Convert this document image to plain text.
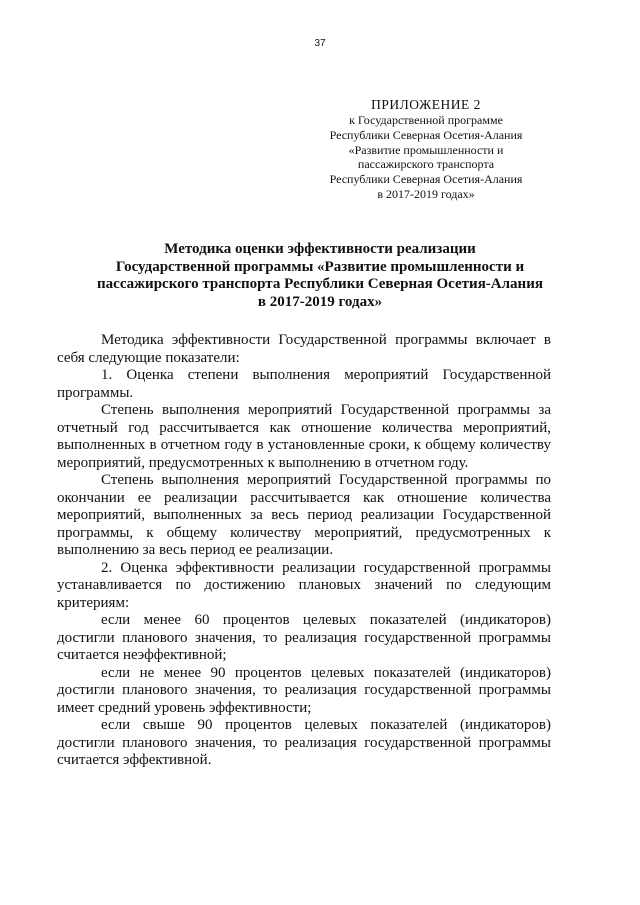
37
ПРИЛОЖЕНИЕ 2
к Государственной программе
Республики Северная Осетия-Алания
«Развитие промышленности и
пассажирского транспорта
Республики Северная Осетия-Алания
в 2017-2019 годах»
Методика оценки эффективности реализации
Государственной программы «Развитие промышленности и
пассажирского транспорта Республики Северная Осетия-Алания
в 2017-2019 годах»

Методика эффективности Государственной программы включает в себя следующие показатели:

1. Оценка степени выполнения мероприятий Государственной программы.

Степень выполнения мероприятий Государственной программы за отчетный год рассчитывается как отношение количества мероприятий, выполненных в отчетном году в установленные сроки, к общему количеству мероприятий, предусмотренных к выполнению в отчетном году.

Степень выполнения мероприятий Государственной программы по окончании ее реализации рассчитывается как отношение количества мероприятий, выполненных за весь период реализации Государственной программы, к общему количеству мероприятий, предусмотренных к выполнению за весь период ее реализации.

2. Оценка эффективности реализации государственной программы устанавливается по достижению плановых значений по следующим критериям:

если менее 60 процентов целевых показателей (индикаторов) достигли планового значения, то реализация государственной программы считается неэффективной;

если не менее 90 процентов целевых показателей (индикаторов) достигли планового значения, то реализация государственной программы имеет средний уровень эффективности;

если свыше 90 процентов целевых показателей (индикаторов) достигли планового значения, то реализация государственной программы считается эффективной.
